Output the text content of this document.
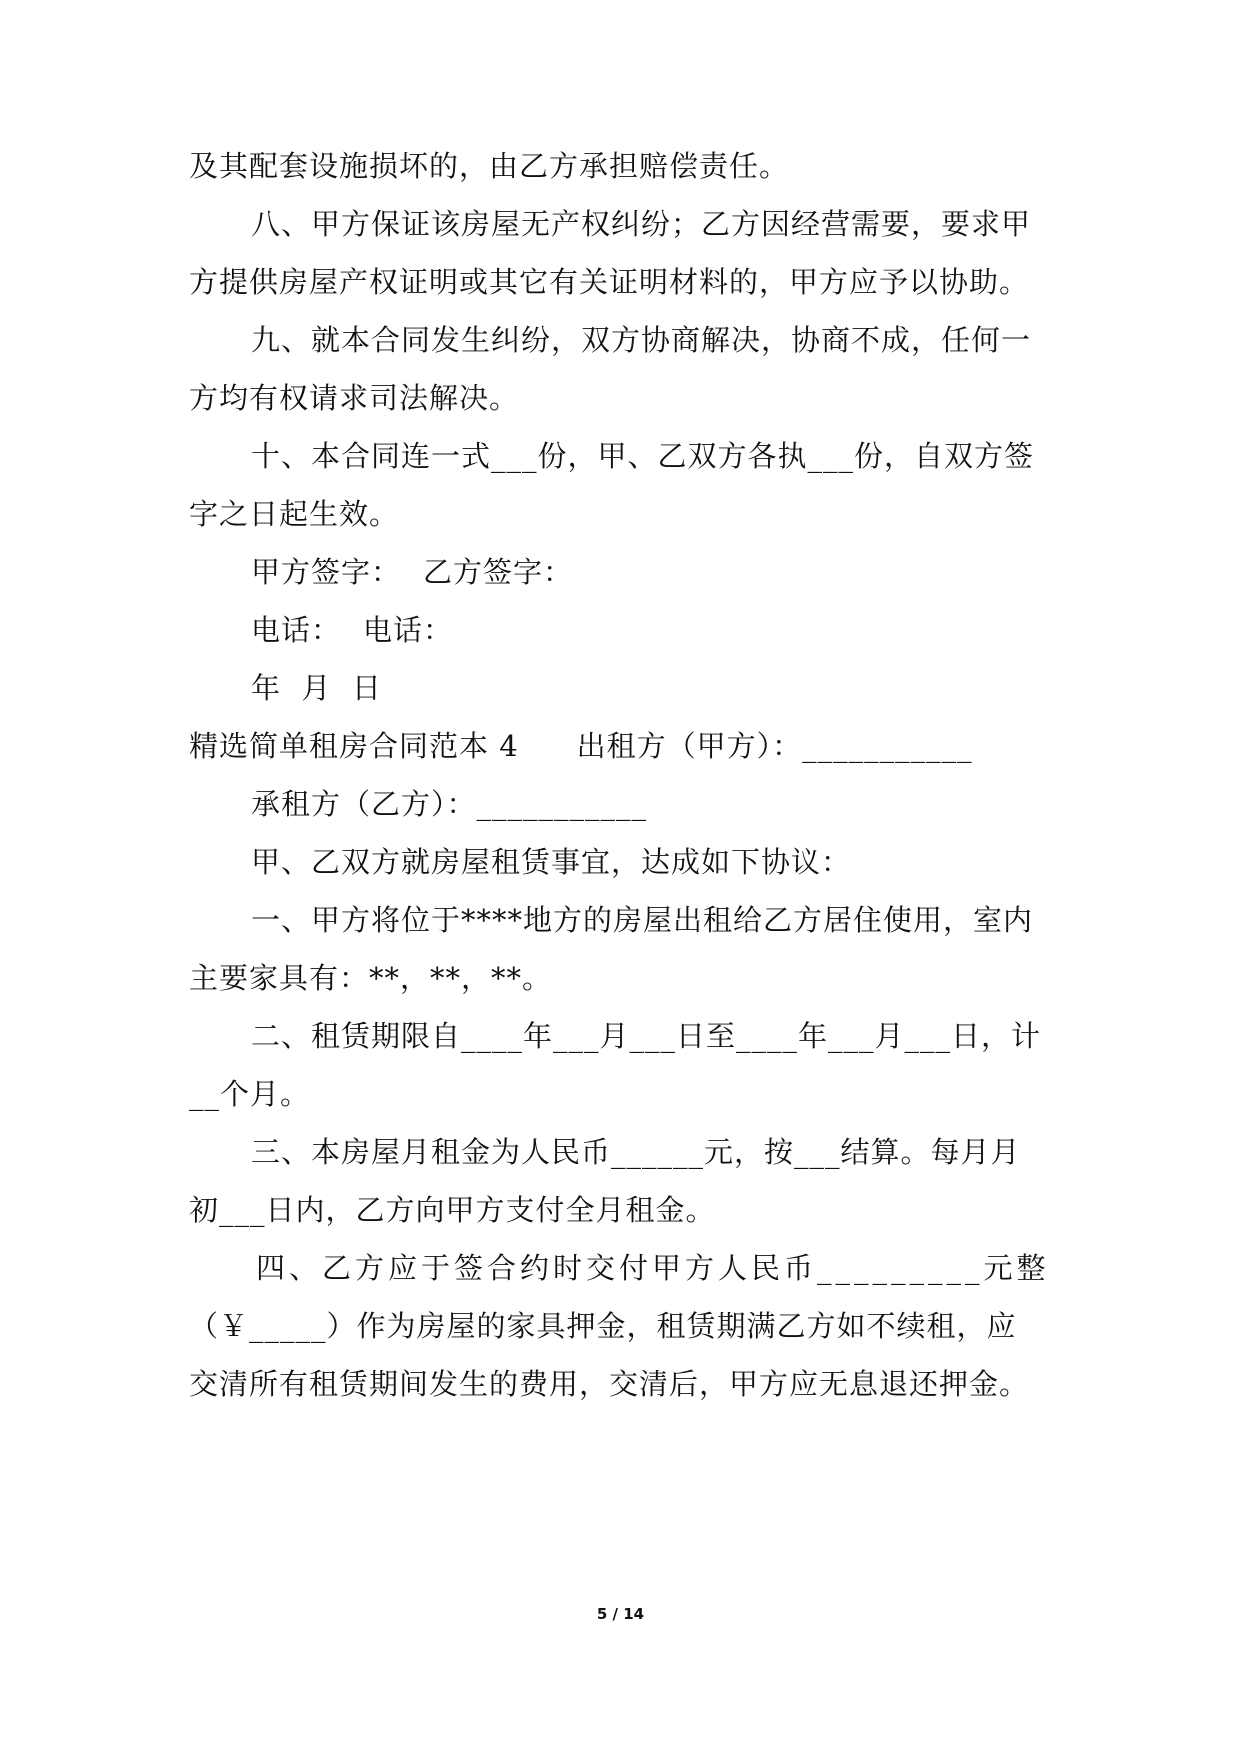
及其配套设施损坏的，由乙方承担赔偿责任。
八、甲方保证该房屋无产权纠纷；乙方因经营需要，要求甲
方提供房屋产权证明或其它有关证明材料的，甲方应予以协助。
九、就本合同发生纠纷，双方协商解决，协商不成，任何一
方均有权请求司法解决。
十、本合同连一式___份，甲、乙双方各执___份，自双方签
字之日起生效。
甲方签字： 乙方签字：
电话： 电话：
年  月  日
精选简单租房合同范本 4 出租方（甲方）：___________
承租方（乙方）：___________
甲、乙双方就房屋租赁事宜，达成如下协议：
一、甲方将位于****地方的房屋出租给乙方居住使用，室内
主要家具有：**，**，**。
二、租赁期限自____年___月___日至____年___月___日，计
__个月。
三、本房屋月租金为人民币______元，按___结算。每月月
初___日内，乙方向甲方支付全月租金。
四、乙方应于签合约时交付甲方人民币_________元整
（￥_____）作为房屋的家具押金，租赁期满乙方如不续租，应
交清所有租赁期间发生的费用，交清后，甲方应无息退还押金。
5 / 14
